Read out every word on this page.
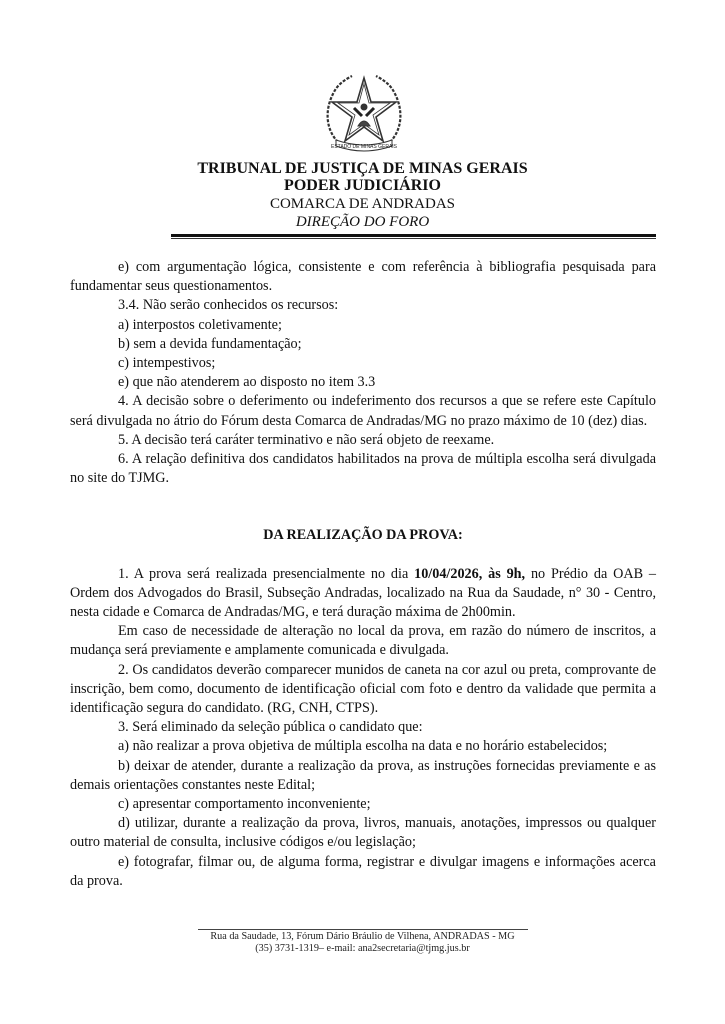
ESTADO DE MINAS GERAIS
TRIBUNAL DE JUSTIÇA DE MINAS GERAIS
PODER JUDICIÁRIO
COMARCA DE ANDRADAS
DIREÇÃO DO FORO

e) com argumentação lógica, consistente e com referência à bibliografia pesquisada para fundamentar seus questionamentos.

3.4. Não serão conhecidos os recursos:

a) interpostos coletivamente;

b) sem a devida fundamentação;

c) intempestivos;

e) que não atenderem ao disposto no item 3.3

4. A decisão sobre o deferimento ou indeferimento dos recursos a que se refere este Capítulo será divulgada no átrio do Fórum desta Comarca de Andradas/MG no prazo máximo de 10 (dez) dias.

5. A decisão terá caráter terminativo e não será objeto de reexame.

6. A relação definitiva dos candidatos habilitados na prova de múltipla escolha será divulgada no site do TJMG.

DA REALIZAÇÃO DA PROVA:

1. A prova será realizada presencialmente no dia 10/04/2026, às 9h, no Prédio da OAB – Ordem dos Advogados do Brasil, Subseção Andradas, localizado na Rua da Saudade, n° 30 - Centro, nesta cidade e Comarca de Andradas/MG, e terá duração máxima de 2h00min.

Em caso de necessidade de alteração no local da prova, em razão do número de inscritos, a mudança será previamente e amplamente comunicada e divulgada.

2. Os candidatos deverão comparecer munidos de caneta na cor azul ou preta, comprovante de inscrição, bem como, documento de identificação oficial com foto e dentro da validade que permita a identificação segura do candidato. (RG, CNH, CTPS).

3. Será eliminado da seleção pública o candidato que:

a) não realizar a prova objetiva de múltipla escolha na data e no horário estabelecidos;

b) deixar de atender, durante a realização da prova, as instruções fornecidas previamente e as demais orientações constantes neste Edital;

c) apresentar comportamento inconveniente;

d) utilizar, durante a realização da prova, livros, manuais, anotações, impressos ou qualquer outro material de consulta, inclusive códigos e/ou legislação;

e) fotografar, filmar ou, de alguma forma, registrar e divulgar imagens e informações acerca da prova.

Rua da Saudade, 13, Fórum Dário Bráulio de Vilhena, ANDRADAS - MG
(35) 3731-1319– e-mail: ana2secretaria@tjmg.jus.br
